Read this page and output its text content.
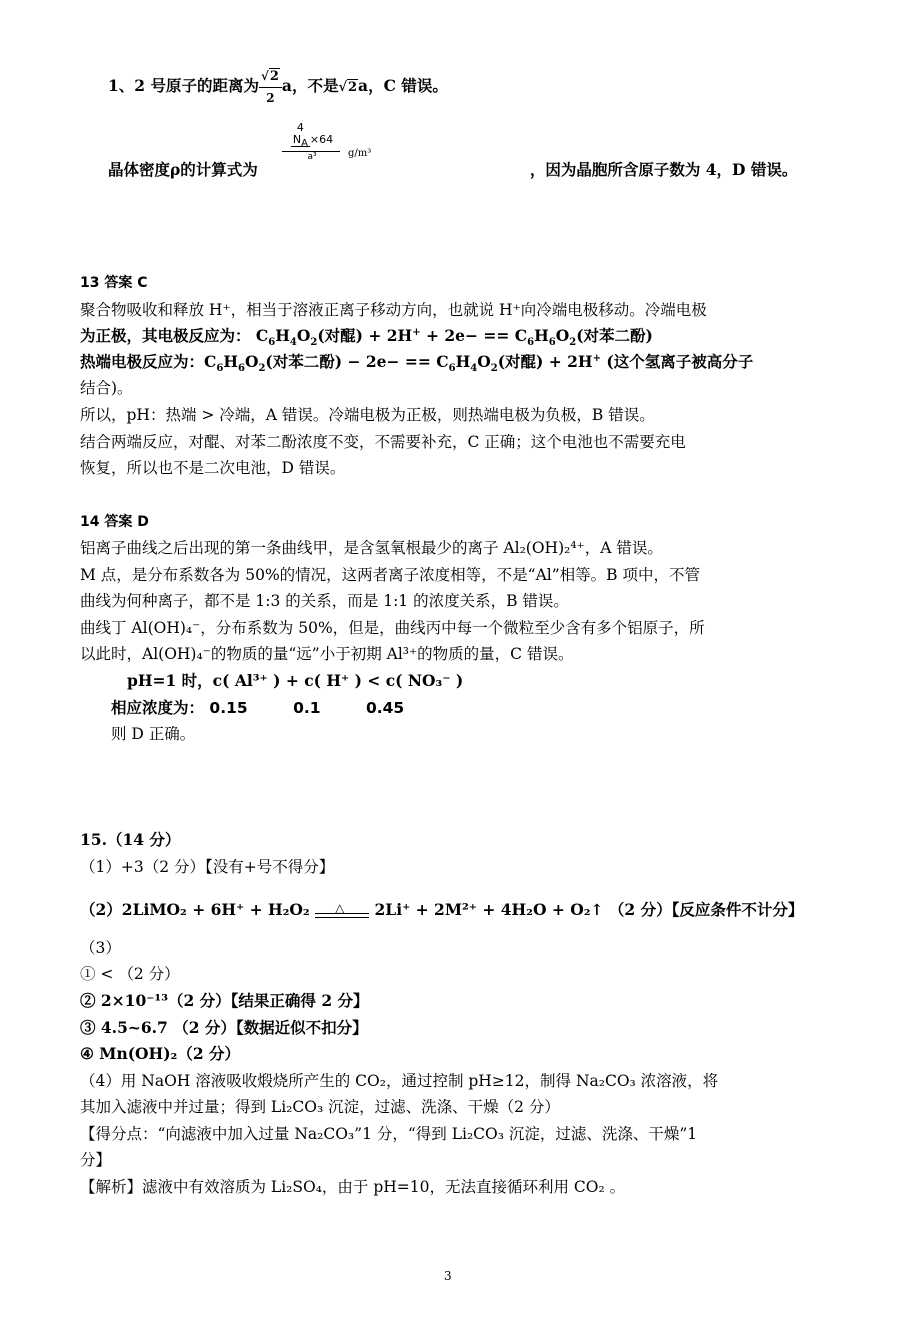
1、2 号原子的距离为 $\frac{√2}{2}$ a，不是√2a，C 错误。
4
$N_A \times 64$
a³	g/m³
晶体密度ρ的计算式为	，因为晶胞所含原子数为 4，D 错误。
13 答案 C
聚合物吸收和释放 H⁺，相当于溶液正离子移动方向，也就说 H⁺向冷端电极移动。冷端电极
为正极，其电极反应为： $C_6H_4O_2$(对醌) + $2H^+ + 2e- == C_6H_6O_2$(对苯二酚)
热端电极反应为：$C_6H_6O_2$(对苯二酚) − $2e- == C_6H_4O_2$(对醌) + 2H+ (这个氢离子被高分子
结合)。
所以，pH：热端 > 冷端，A 错误。冷端电极为正极，则热端电极为负极，B 错误。
结合两端反应，对醌、对苯二酚浓度不变，不需要补充，C 正确；这个电池也不需要充电
恢复，所以也不是二次电池，D 错误。
14 答案 D
铝离子曲线之后出现的第一条曲线甲，是含氢氧根最少的离子 Al₂(OH)₂⁴⁺，A 错误。
M 点，是分布系数各为 50%的情况，这两者离子浓度相等，不是“Al”相等。B 项中，不管
曲线为何种离子，都不是 1:3 的关系，而是 1:1 的浓度关系，B 错误。
曲线丁 Al(OH)₄⁻，分布系数为 50%，但是，曲线丙中每一个微粒至少含有多个铝原子，所
以此时，Al(OH)₄⁻的物质的量“远”小于初期 Al³⁺的物质的量，C 错误。
pH=1 时，c( Al³⁺ ) + c( H⁺ ) < c( NO₃⁻ )
相应浓度为： 0.15	0.1	0.45
则 D 正确。
15.（14 分）
（1）+3（2 分）【没有+号不得分】
（2）2LiMO₂ + 6H⁺ + H₂O₂ △ 2Li⁺ + 2M²⁺ + 4H₂O + O₂↑ （2 分）【反应条件不计分】
（3）
① < （2 分）
② 2×10⁻¹³（2 分）【结果正确得 2 分】
③ 4.5~6.7 （2 分）【数据近似不扣分】
④ Mn(OH)₂（2 分）
（4）用 NaOH 溶液吸收煅烧所产生的 CO₂，通过控制 pH≥12，制得 Na₂CO₃ 浓溶液，将
其加入滤液中并过量；得到 Li₂CO₃ 沉淀，过滤、洗涤、干燥（2 分）
【得分点：“向滤液中加入过量 Na₂CO₃”1 分，“得到 Li₂CO₃ 沉淀，过滤、洗涤、干燥”1
分】
【解析】滤液中有效溶质为 Li₂SO₄，由于 pH=10，无法直接循环利用 CO₂ 。
3
